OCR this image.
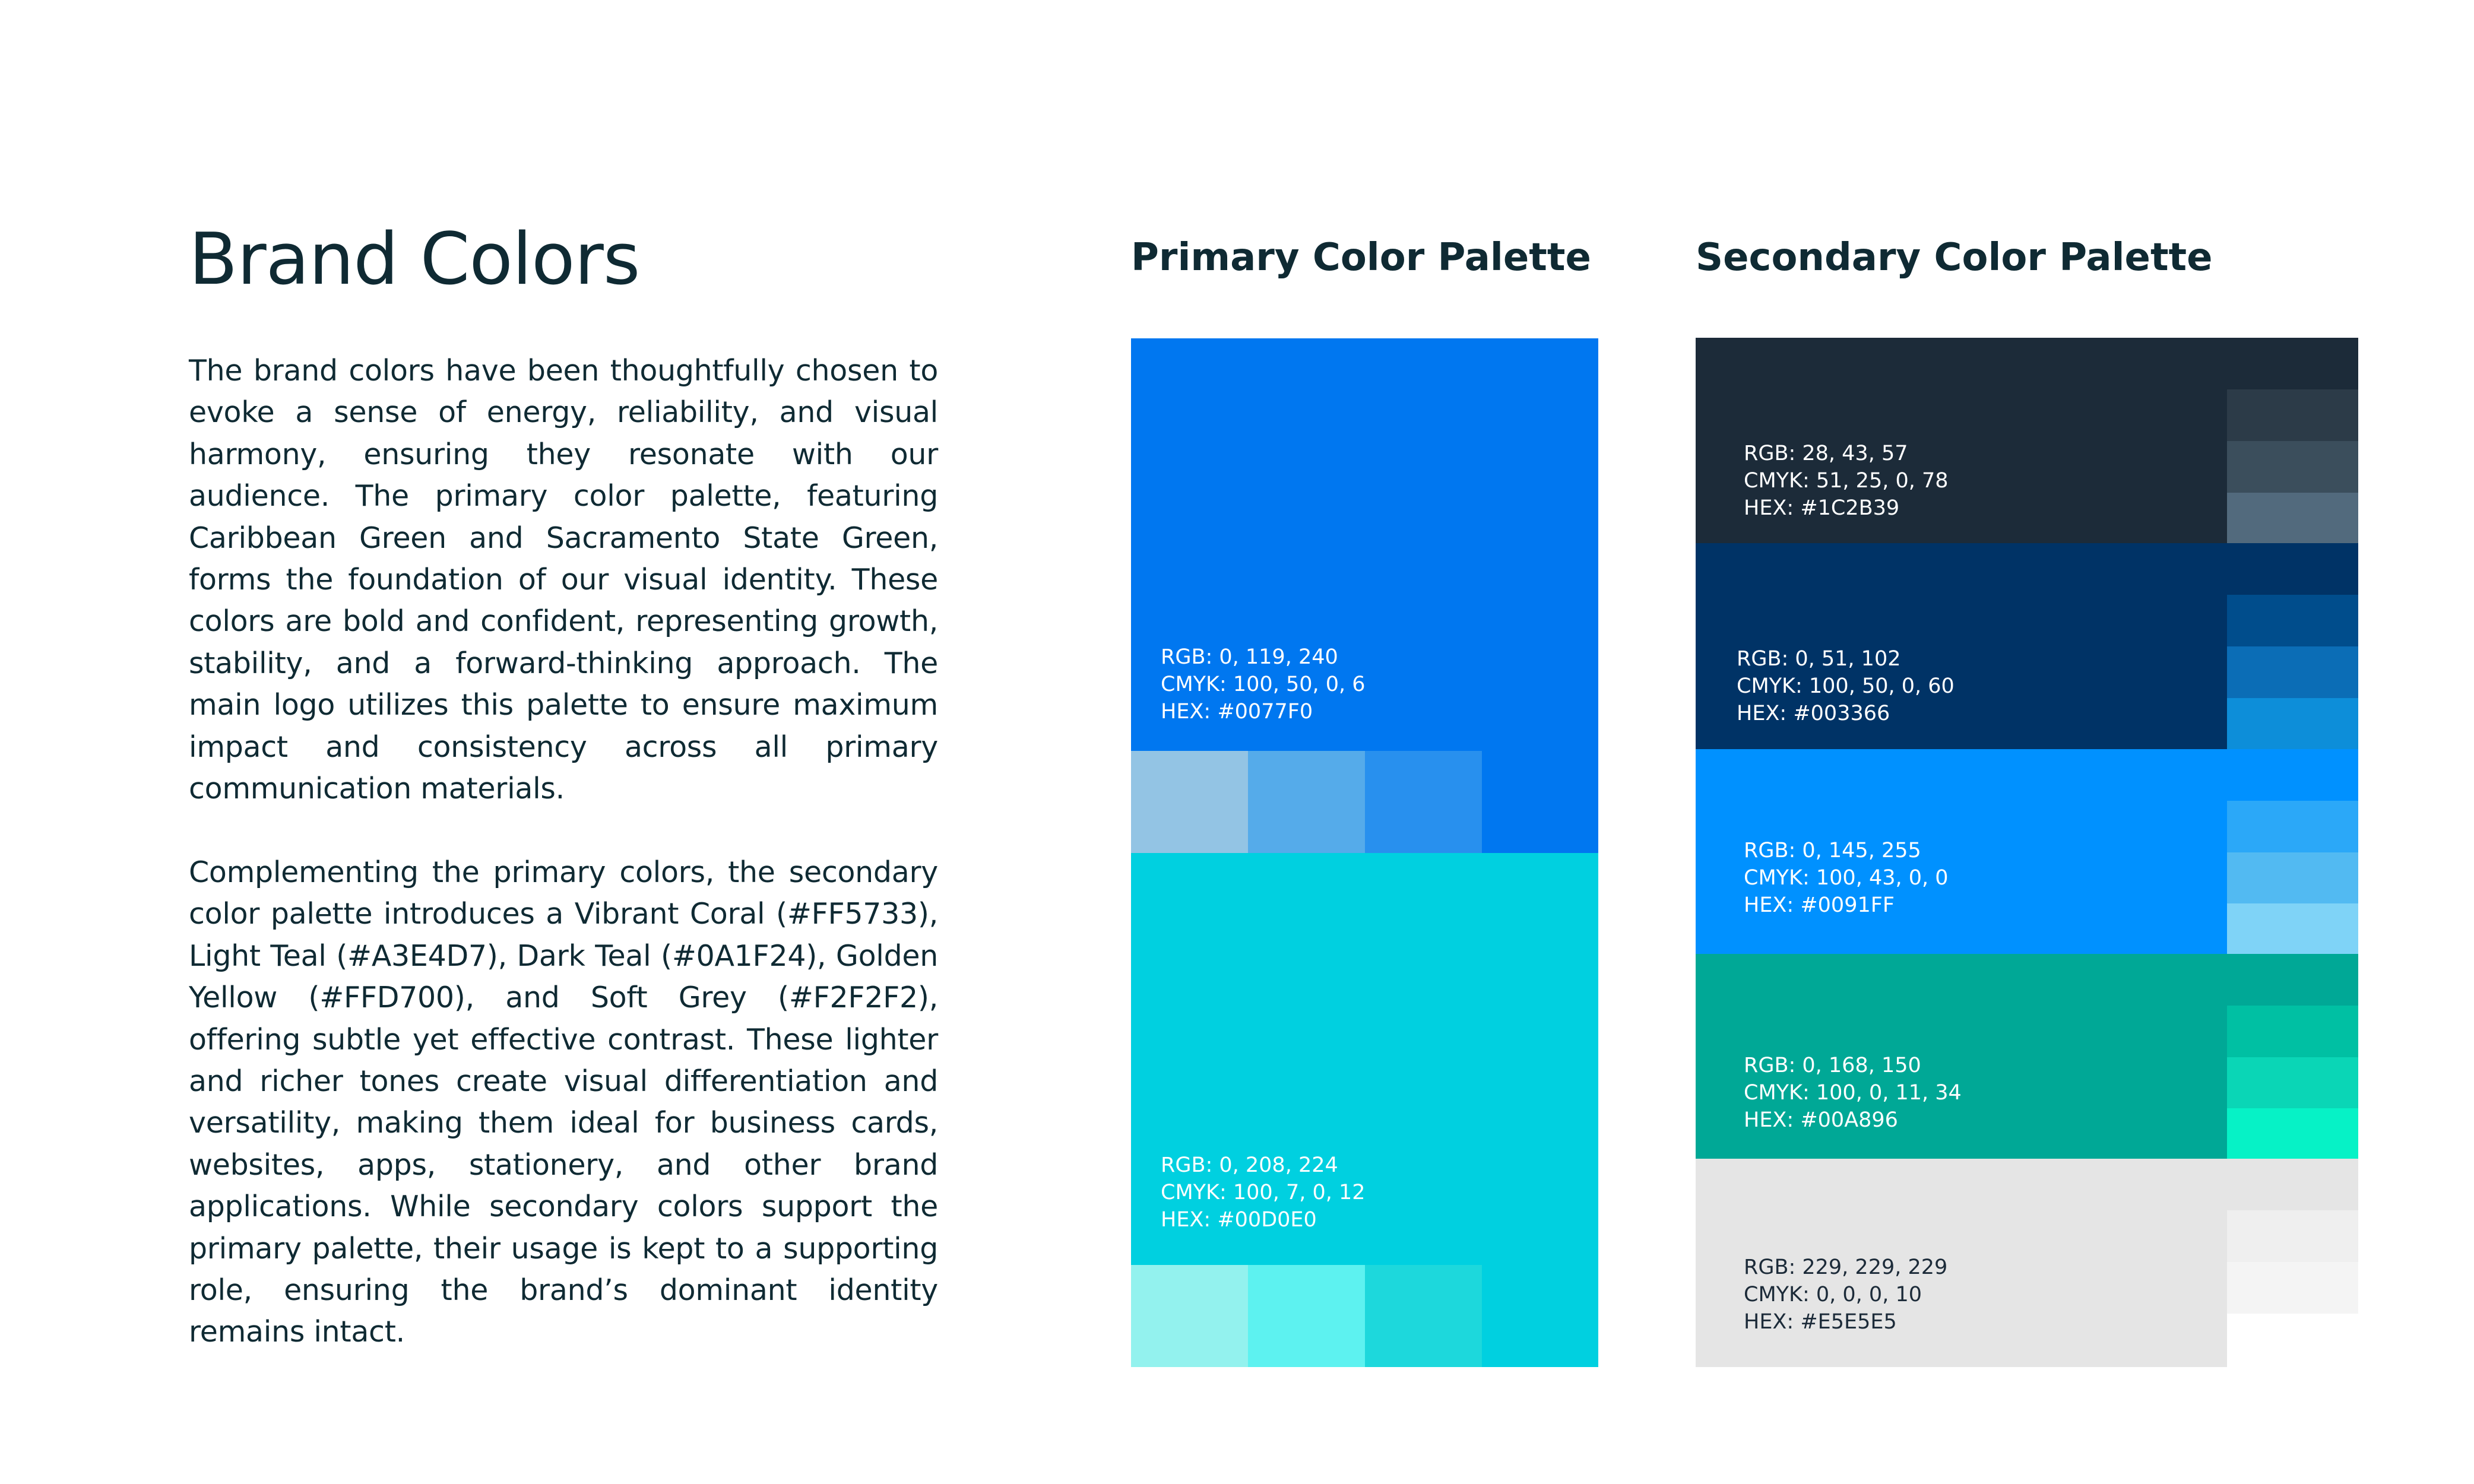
Brand Colors

The brand colors have been thoughtfully chosen to evoke a sense of energy, reliability, and visual harmony, ensuring they resonate with our audience. The primary color palette, featuring Caribbean Green and Sacramento State Green, forms the foundation of our visual identity. These colors are bold and confident, representing growth, stability, and a forward-thinking approach. The main logo utilizes this palette to ensure maximum impact and consistency across all primary communication materials.

Complementing the primary colors, the secondary color palette introduces a Vibrant Coral (#FF5733), Light Teal (#A3E4D7), Dark Teal (#0A1F24), Golden Yellow (#FFD700), and Soft Grey (#F2F2F2), offering subtle yet effective contrast. These lighter and richer tones create visual differentiation and versatility, making them ideal for business cards, websites, apps, stationery, and other brand applications. While secondary colors support the primary palette, their usage is kept to a supporting role, ensuring the brand’s dominant identity remains intact.

Primary Color Palette	Secondary Color Palette
RGB: 0, 119, 240
CMYK: 100, 50, 0, 6
HEX: #0077F0
RGB: 0, 208, 224
CMYK: 100, 7, 0, 12
HEX: #00D0E0
RGB: 28, 43, 57
CMYK: 51, 25, 0, 78
HEX: #1C2B39
RGB: 0, 51, 102
CMYK: 100, 50, 0, 60
HEX: #003366
RGB: 0, 145, 255
CMYK: 100, 43, 0, 0
HEX: #0091FF
RGB: 0, 168, 150
CMYK: 100, 0, 11, 34
HEX: #00A896
RGB: 229, 229, 229
CMYK: 0, 0, 0, 10
HEX: #E5E5E5
